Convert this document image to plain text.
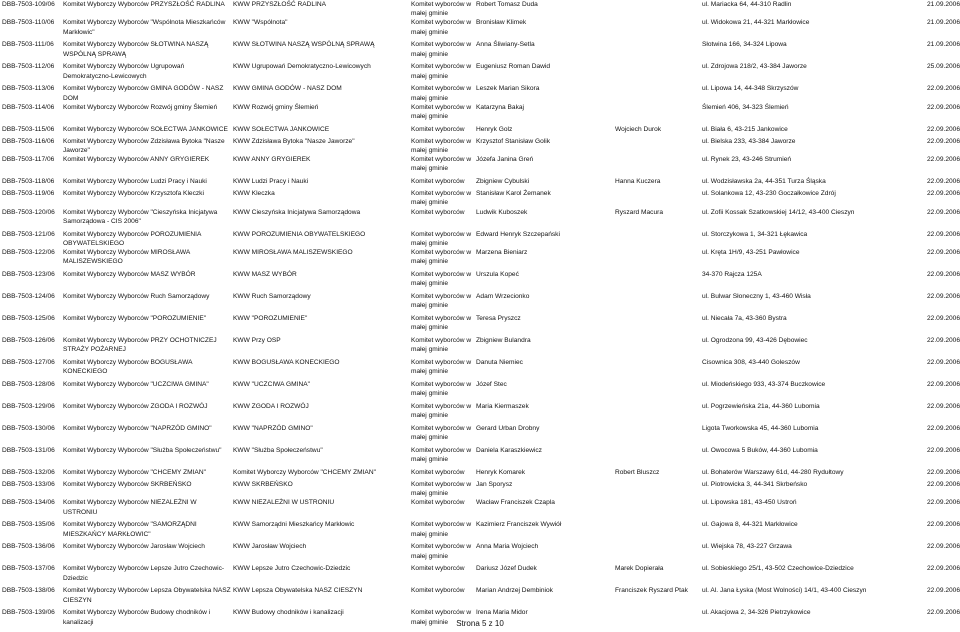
DBB-7503-109/06	Komitet Wyborczy Wyborców PRZYSZŁOŚĆ RADLINA	KWW PRZYSZŁOŚĆ RADLINA	Komitet wyborców w małej gminie	Robert Tomasz Duda		ul. Mariacka 64, 44-310 Radlin	21.09.2006
DBB-7503-110/06	Komitet Wyborczy Wyborców "Wspólnota Mieszkańców Markłowic"	KWW "Wspólnota"	Komitet wyborców w małej gminie	Bronisław Klimek		ul. Widokowa 21, 44-321 Markłowice	21.09.2006
DBB-7503-111/06	Komitet Wyborczy Wyborców SŁOTWINA NASZĄ WSPÓLNĄ SPRAWĄ	KWW SŁOTWINA NASZĄ WSPÓLNĄ SPRAWĄ	Komitet wyborców w małej gminie	Anna Śliwiany-Setla		Słotwina 166, 34-324 Lipowa	21.09.2006
DBB-7503-112/06	Komitet Wyborczy Wyborców Ugrupowań Demokratyczno-Lewicowych	KWW Ugrupowań Demokratyczno-Lewicowych	Komitet wyborców w małej gminie	Eugeniusz Roman Dawid		ul. Zdrojowa 218/2, 43-384 Jaworze	25.09.2006
DBB-7503-113/06	Komitet Wyborczy Wyborców GMINA GODÓW - NASZ DOM	KWW GMINA GODÓW - NASZ DOM	Komitet wyborców w małej gminie	Leszek Marian Sikora		ul. Lipowa 14, 44-348 Skrzyszów	22.09.2006
DBB-7503-114/06	Komitet Wyborczy Wyborców Rozwój gminy Ślemień	KWW Rozwój gminy Ślemień	Komitet wyborców w małej gminie	Katarzyna Bakaj		Ślemień 406, 34-323 Ślemień	22.09.2006
DBB-7503-115/06	Komitet Wyborczy Wyborców SOŁECTWA JANKOWICE	KWW SOŁECTWA JANKOWICE	Komitet wyborców	Henryk Golz	Wojciech Durok	ul. Biała 6, 43-215 Jankowice	22.09.2006
DBB-7503-116/06	Komitet Wyborczy Wyborców Zdzisława Bytoka "Nasze Jaworze"	KWW Zdzisława Bytoka "Nasze Jaworze"	Komitet wyborców w małej gminie	Krzysztof Stanisław Golik		ul. Bielska 233, 43-384 Jaworze	22.09.2006
DBB-7503-117/06	Komitet Wyborczy Wyborców ANNY GRYGIEREK	KWW ANNY GRYGIEREK	Komitet wyborców w małej gminie	Józefa Janina Greń		ul. Rynek 23, 43-246 Strumień	22.09.2006
DBB-7503-118/06	Komitet Wyborczy Wyborców Ludzi Pracy i Nauki	KWW Ludzi Pracy i Nauki	Komitet wyborców	Zbigniew Cybulski	Hanna Kuczera	ul. Wodzisławska 2a, 44-351 Turza Śląska	22.09.2006
DBB-7503-119/06	Komitet Wyborczy Wyborców Krzysztofa Kleczki	KWW Kleczka	Komitet wyborców w małej gminie	Stanisław Karol Żemanek		ul. Solankowa 12, 43-230 Goczałkowice Zdrój	22.09.2006
DBB-7503-120/06	Komitet Wyborczy Wyborców "Cieszyńska Inicjatywa Samorządowa - CIS 2006"	KWW Cieszyńska Inicjatywa Samorządowa	Komitet wyborców	Ludwik Kuboszek	Ryszard Macura	ul. Zofii Kossak Szatkowskiej 14/12, 43-400 Cieszyn	22.09.2006
DBB-7503-121/06	Komitet Wyborczy Wyborców POROZUMIENIA OBYWATELSKIEGO	KWW POROZUMIENIA OBYWATELSKIEGO	Komitet wyborców w małej gminie	Edward Henryk Szczepański		ul. Storczykowa 1, 34-321 Łękawica	22.09.2006
DBB-7503-122/06	Komitet Wyborczy Wyborców MIROSŁAWA MALISZEWSKIEGO	KWW MIROSŁAWA MALISZEWSKIEGO	Komitet wyborców w małej gminie	Marzena Bieniarz		ul. Kręta 1H/9, 43-251 Pawłowice	22.09.2006
DBB-7503-123/06	Komitet Wyborczy Wyborców MASZ WYBÓR	KWW MASZ WYBÓR	Komitet wyborców w małej gminie	Urszula Kopeć		34-370 Rajcza 125A	22.09.2006
DBB-7503-124/06	Komitet Wyborczy Wyborców Ruch Samorządowy	KWW Ruch Samorządowy	Komitet wyborców w małej gminie	Adam Wrzecionko		ul. Bulwar Słoneczny 1, 43-460 Wisła	22.09.2006
DBB-7503-125/06	Komitet Wyborczy Wyborców "POROZUMIENIE"	KWW "POROZUMIENIE"	Komitet wyborców w małej gminie	Teresa Pryszcz		ul. Niecała 7a, 43-360 Bystra	22.09.2006
DBB-7503-126/06	Komitet Wyborczy Wyborców PRZY OCHOTNICZEJ STRAŻY POŻARNEJ	KWW Przy OSP	Komitet wyborców w małej gminie	Zbigniew Bulandra		ul. Ogrodzona 99, 43-426 Dębowiec	22.09.2006
DBB-7503-127/06	Komitet Wyborczy Wyborców BOGUSŁAWA KONECKIEGO	KWW BOGUSŁAWA KONECKIEGO	Komitet wyborców w małej gminie	Danuta Niemiec		Cisownica 308, 43-440 Goleszów	22.09.2006
DBB-7503-128/06	Komitet Wyborczy Wyborców "UCZCIWA GMINA"	KWW "UCZCIWA GMINA"	Komitet wyborców w małej gminie	Józef Stec		ul. Miodeńskiego 933, 43-374 Buczkowice	22.09.2006
DBB-7503-129/06	Komitet Wyborczy Wyborców ZGODA I ROZWÓJ	KWW ZGODA I ROZWÓJ	Komitet wyborców w małej gminie	Maria Kiermaszek		ul. Pogrzewieńska 21a, 44-360 Lubomia	22.09.2006
DBB-7503-130/06	Komitet Wyborczy Wyborców "NAPRZÓD GMINO"	KWW "NAPRZÓD GMINO"	Komitet wyborców w małej gminie	Gerard Urban Drobny		Ligota Tworkowska 45, 44-360 Lubomia	22.09.2006
DBB-7503-131/06	Komitet Wyborczy Wyborców "Służba Społeczeństwu"	KWW "Służba Społeczeństwu"	Komitet wyborców w małej gminie	Daniela Karaszkiewicz		ul. Owocowa 5 Buków, 44-360 Lubomia	22.09.2006
DBB-7503-132/06	Komitet Wyborczy Wyborców "CHCEMY ZMIAN"	Komitet Wyborczy Wyborców "CHCEMY ZMIAN"	Komitet wyborców	Henryk Komarek	Robert Bluszcz	ul. Bohaterów Warszawy 61d, 44-280 Rydułtowy	22.09.2006
DBB-7503-133/06	Komitet Wyborczy Wyborców SKRBEŃSKO	KWW SKRBEŃSKO	Komitet wyborców w małej gminie	Jan Sporysz		ul. Piotrowicka 3, 44-341 Skrbeńsko	22.09.2006
DBB-7503-134/06	Komitet Wyborczy Wyborców NIEZALEŻNI W USTRONIU	KWW NIEZALEŻNI W USTRONIU	Komitet wyborców	Wacław Franciszek Czapla		ul. Lipowska 181, 43-450 Ustroń	22.09.2006
DBB-7503-135/06	Komitet Wyborczy Wyborców "SAMORZĄDNI MIESZKAŃCY MARKŁOWIC"	KWW Samorządni Mieszkańcy Markłowic	Komitet wyborców w małej gminie	Kazimierz Franciszek Wywiół		ul. Gajowa 8, 44-321 Markłowice	22.09.2006
DBB-7503-136/06	Komitet Wyborczy Wyborców Jarosław Wojciech	KWW Jarosław Wojciech	Komitet wyborców w małej gminie	Anna Maria Wojciech		ul. Wiejska 78, 43-227 Grzawa	22.09.2006
DBB-7503-137/06	Komitet Wyborczy Wyborców Lepsze Jutro Czechowic-Dziedzic	KWW Lepsze Jutro Czechowic-Dziedzic	Komitet wyborców	Dariusz Józef Dudek	Marek Dopierała	ul. Sobieskiego 25/1, 43-502 Czechowice-Dziedzice	22.09.2006
DBB-7503-138/06	Komitet Wyborczy Wyborców Lepsza Obywatelska NASZ CIESZYN	KWW Lepsza Obywatelska NASZ CIESZYN	Komitet wyborców	Marian Andrzej Dembiniok	Franciszek Ryszard Ptak	ul. Al. Jana Łyska (Most Wolności) 14/1, 43-400 Cieszyn	22.09.2006
DBB-7503-139/06	Komitet Wyborczy Wyborców Budowy chodników i kanalizacji	KWW Budowy chodników i kanalizacji	Komitet wyborców w małej gminie	Irena Maria Midor		ul. Akacjowa 2, 34-326 Pietrzykowice	22.09.2006
Strona 5 z 10
